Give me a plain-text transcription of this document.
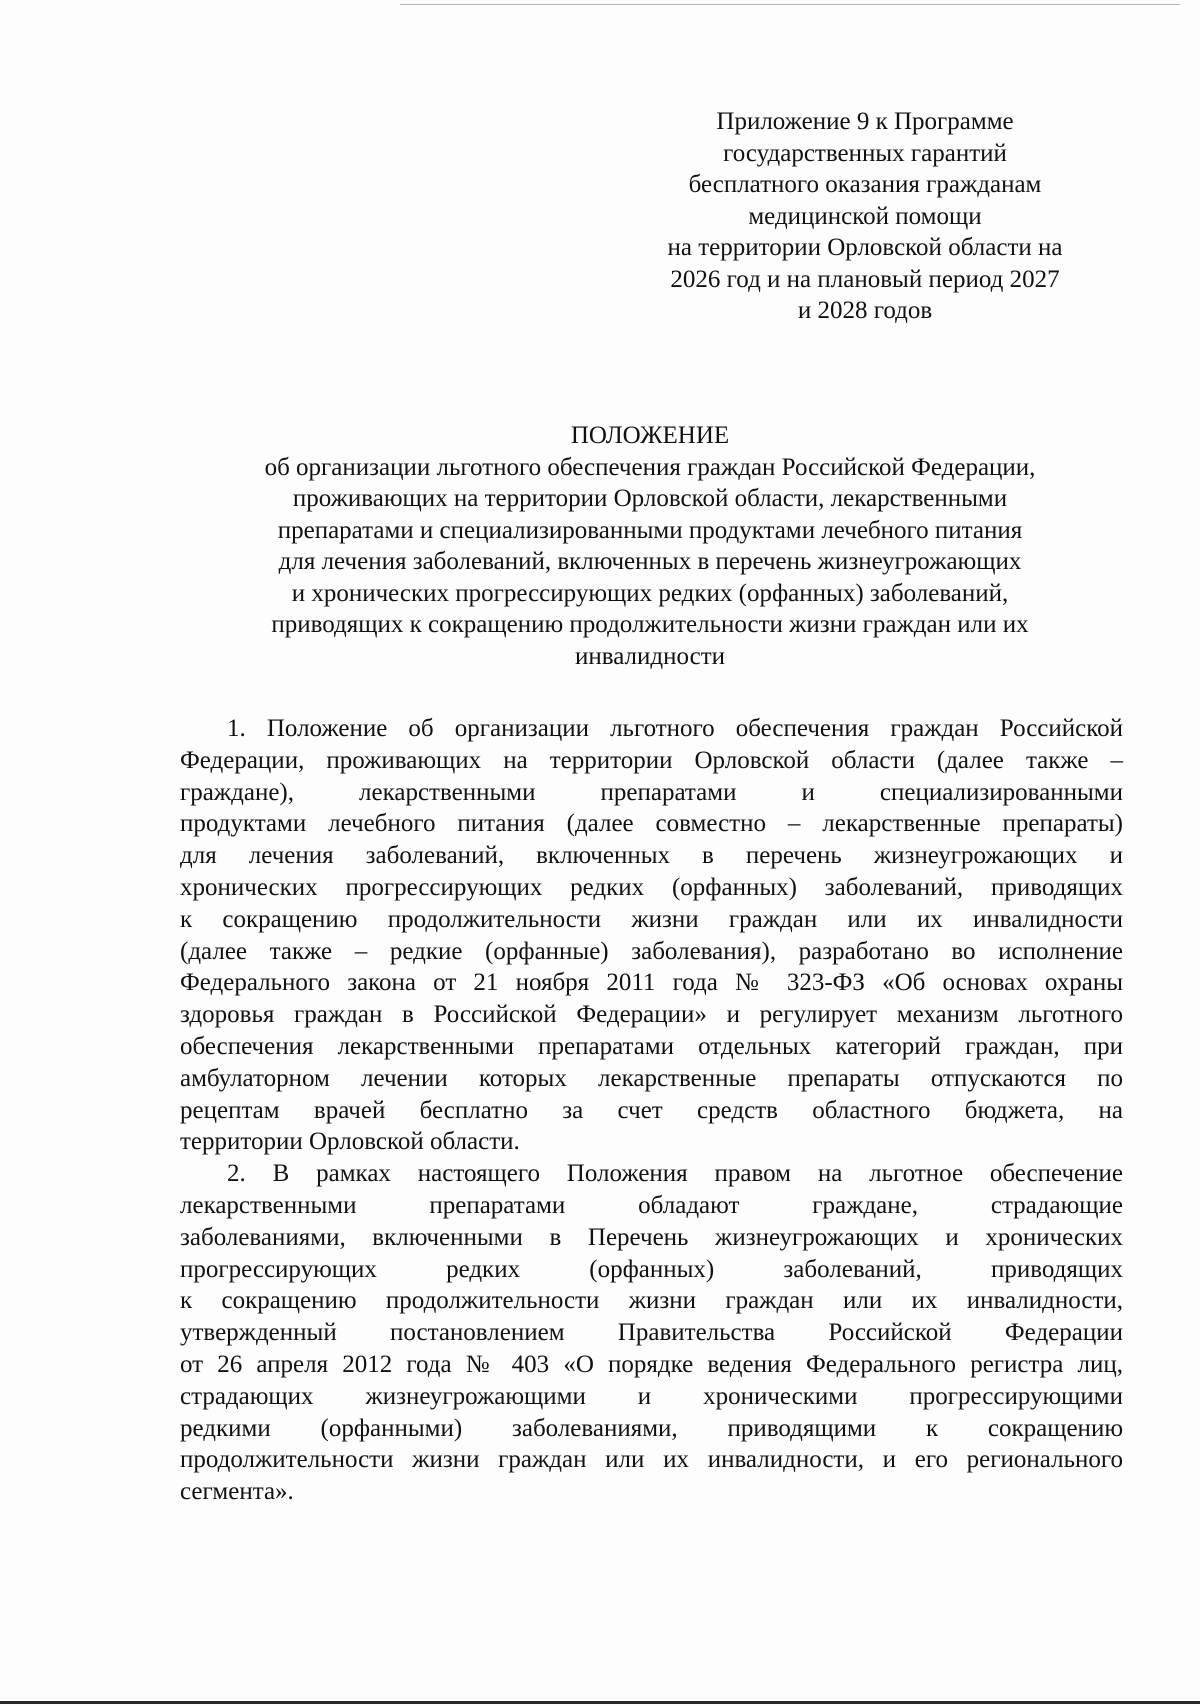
Приложение 9 к Программе
государственных гарантий
бесплатного оказания гражданам
медицинской помощи
на территории Орловской области на
2026 год и на плановый период 2027
и 2028 годов
ПОЛОЖЕНИЕ
об организации льготного обеспечения граждан Российской Федерации,
проживающих на территории Орловской области, лекарственными
препаратами и специализированными продуктами лечебного питания
для лечения заболеваний, включенных в перечень жизнеугрожающих
и хронических прогрессирующих редких (орфанных) заболеваний,
приводящих к сокращению продолжительности жизни граждан или их
инвалидности
1. Положение об организации льготного обеспечения граждан Российской
Федерации, проживающих на территории Орловской области (далее также –
граждане), лекарственными препаратами и специализированными
продуктами лечебного питания (далее совместно – лекарственные препараты)
для лечения заболеваний, включенных в перечень жизнеугрожающих и
хронических прогрессирующих редких (орфанных) заболеваний, приводящих
к сокращению продолжительности жизни граждан или их инвалидности
(далее также – редкие (орфанные) заболевания), разработано во исполнение
Федерального закона от 21 ноября 2011 года № 323-ФЗ «Об основах охраны
здоровья граждан в Российской Федерации» и регулирует механизм льготного
обеспечения лекарственными препаратами отдельных категорий граждан, при
амбулаторном лечении которых лекарственные препараты отпускаются по
рецептам врачей бесплатно за счет средств областного бюджета, на
территории Орловской области.
2. В рамках настоящего Положения правом на льготное обеспечение
лекарственными препаратами обладают граждане, страдающие
заболеваниями, включенными в Перечень жизнеугрожающих и хронических
прогрессирующих редких (орфанных) заболеваний, приводящих
к сокращению продолжительности жизни граждан или их инвалидности,
утвержденный постановлением Правительства Российской Федерации
от 26 апреля 2012 года № 403 «О порядке ведения Федерального регистра лиц,
страдающих жизнеугрожающими и хроническими прогрессирующими
редкими (орфанными) заболеваниями, приводящими к сокращению
продолжительности жизни граждан или их инвалидности, и его регионального
сегмента».
